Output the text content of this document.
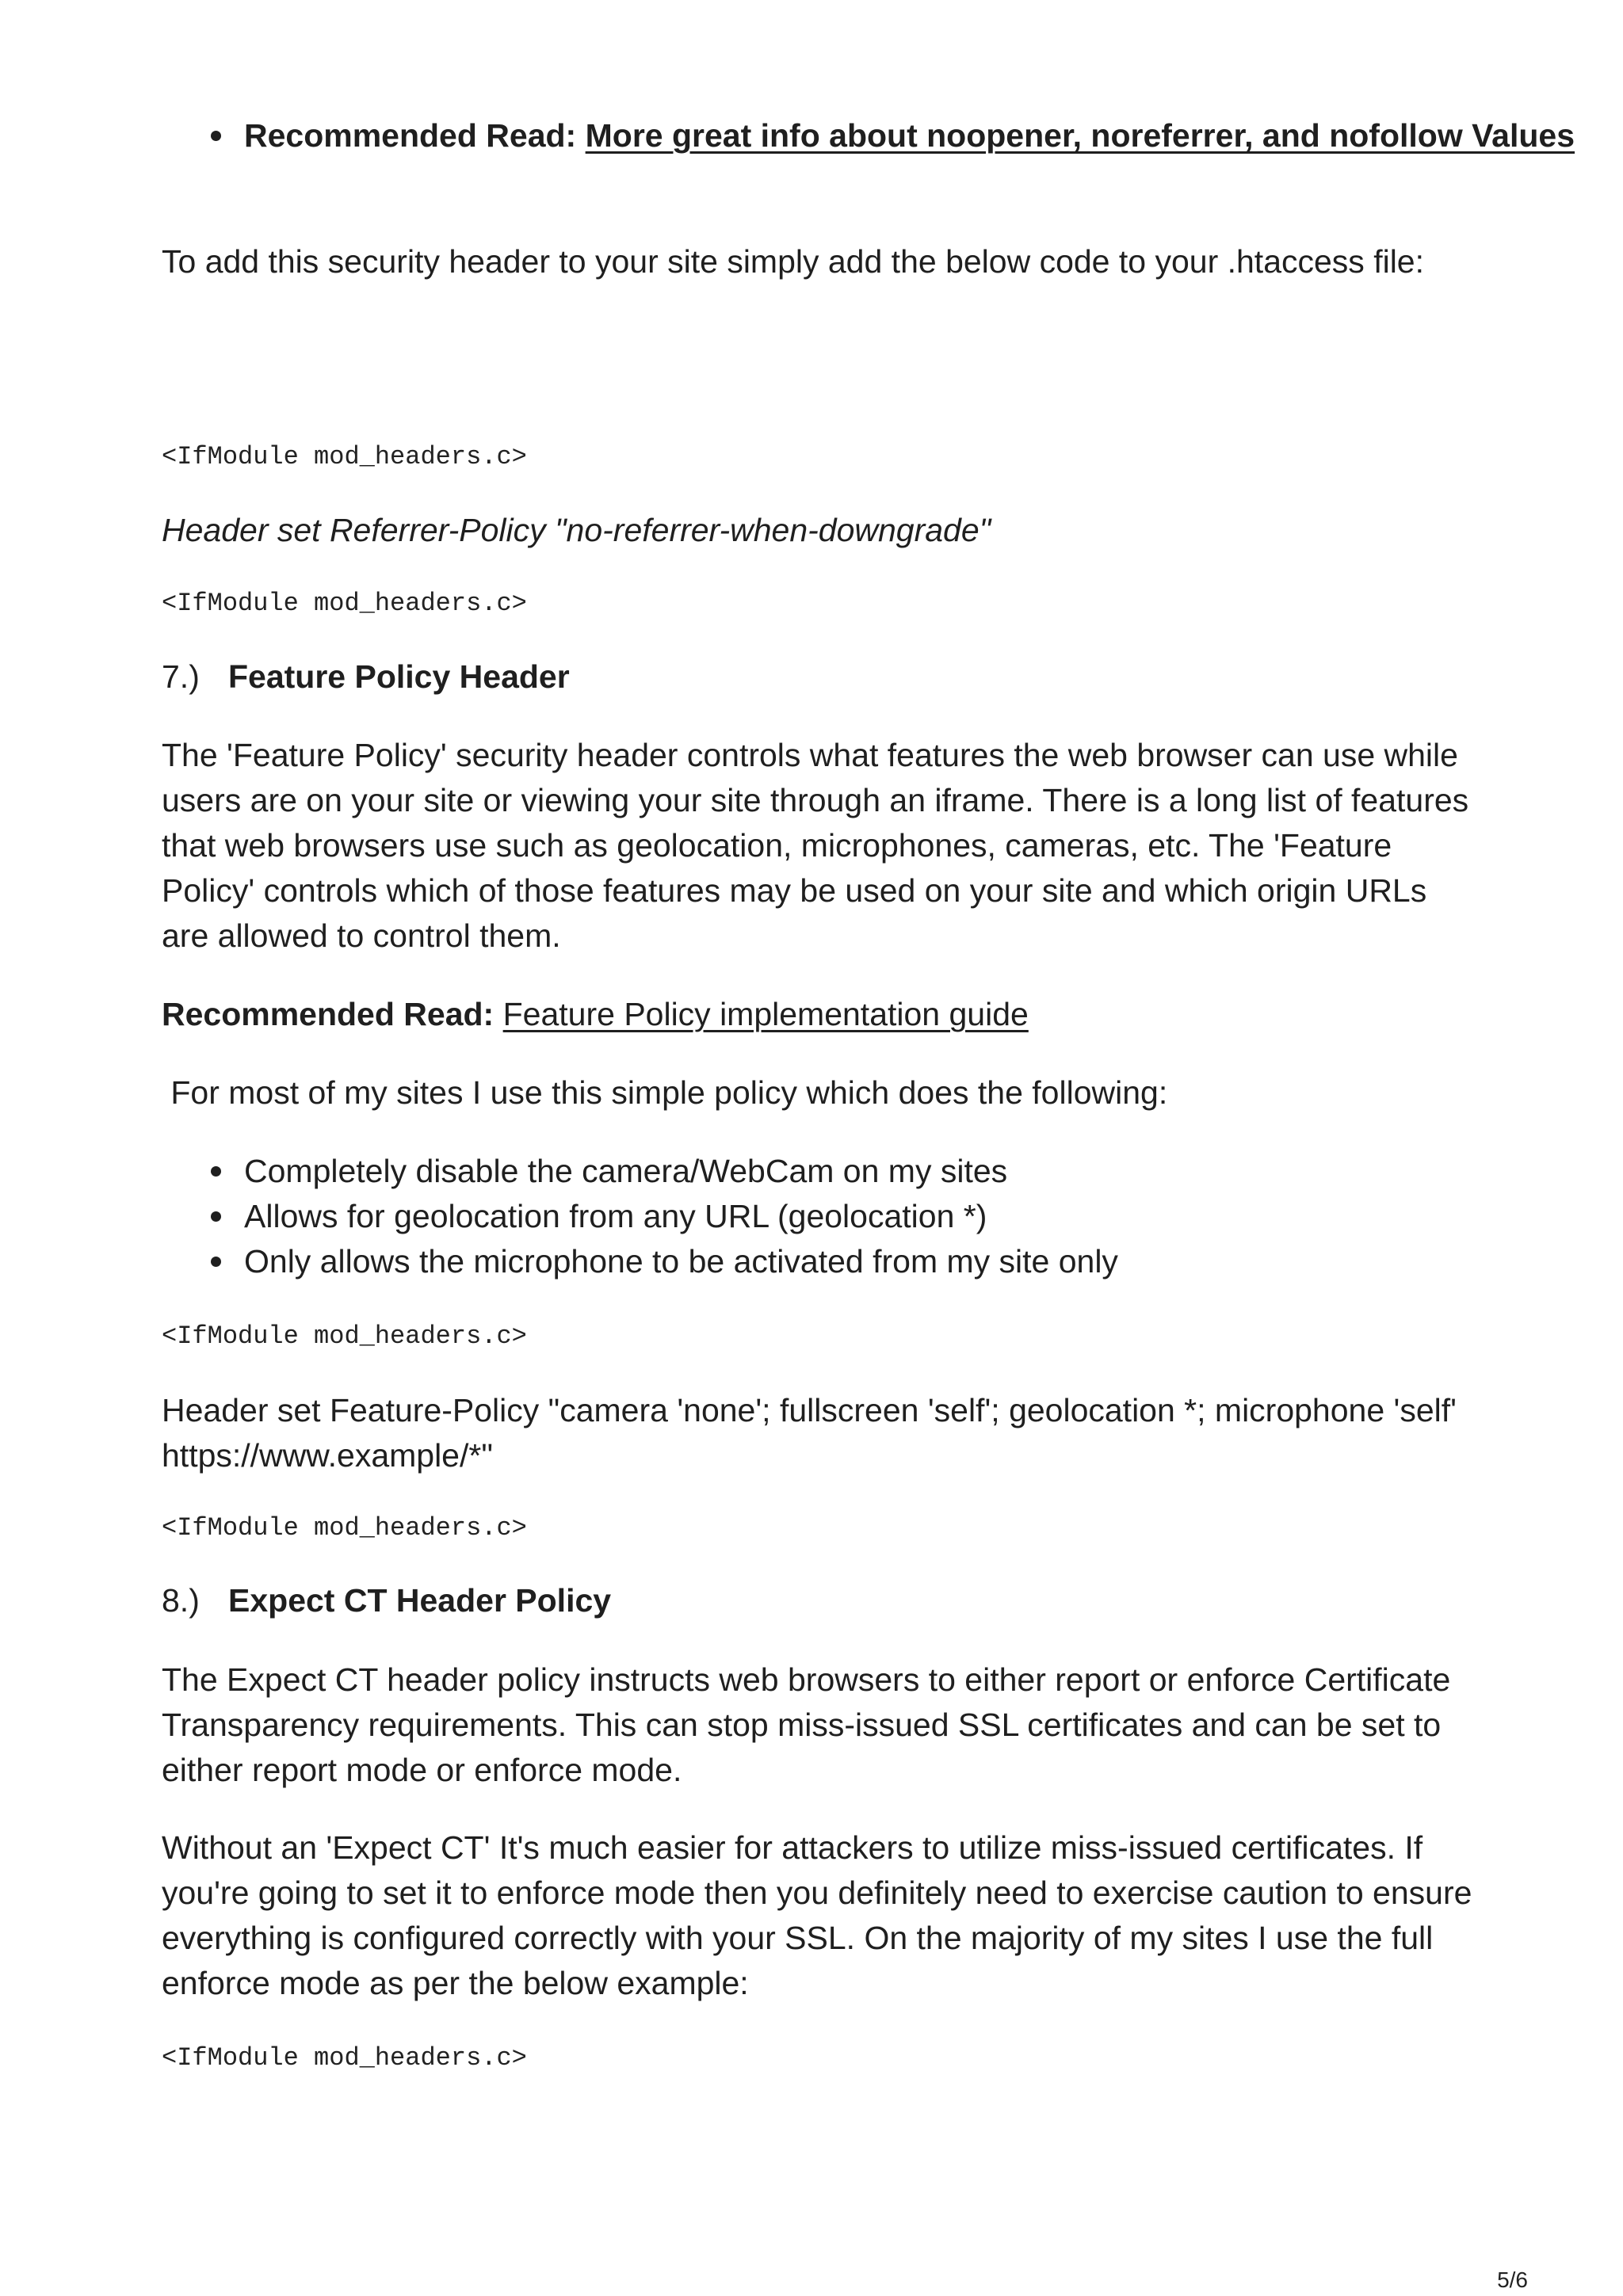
Recommended Read: More great info about noopener, noreferrer, and nofollow Values

To add this security header to your site simply add the below code to your .htaccess file:

<IfModule mod_headers.c>

Header set Referrer-Policy "no-referrer-when-downgrade"

<IfModule mod_headers.c>

7.) Feature Policy Header

The 'Feature Policy' security header controls what features the web browser can use while users are on your site or viewing your site through an iframe. There is a long list of features that web browsers use such as geolocation, microphones, cameras, etc. The 'Feature Policy' controls which of those features may be used on your site and which origin URLs are allowed to control them.

Recommended Read: Feature Policy implementation guide

For most of my sites I use this simple policy which does the following:

Completely disable the camera/WebCam on my sites
Allows for geolocation from any URL (geolocation *)
Only allows the microphone to be activated from my site only
<IfModule mod_headers.c>

Header set Feature-Policy "camera 'none'; fullscreen 'self'; geolocation *; microphone 'self' https://www.example/*"

<IfModule mod_headers.c>

8.) Expect CT Header Policy

The Expect CT header policy instructs web browsers to either report or enforce Certificate Transparency requirements. This can stop miss-issued SSL certificates and can be set to either report mode or enforce mode.

Without an 'Expect CT' It's much easier for attackers to utilize miss-issued certificates. If you're going to set it to enforce mode then you definitely need to exercise caution to ensure everything is configured correctly with your SSL. On the majority of my sites I use the full enforce mode as per the below example:

<IfModule mod_headers.c>
5/6
